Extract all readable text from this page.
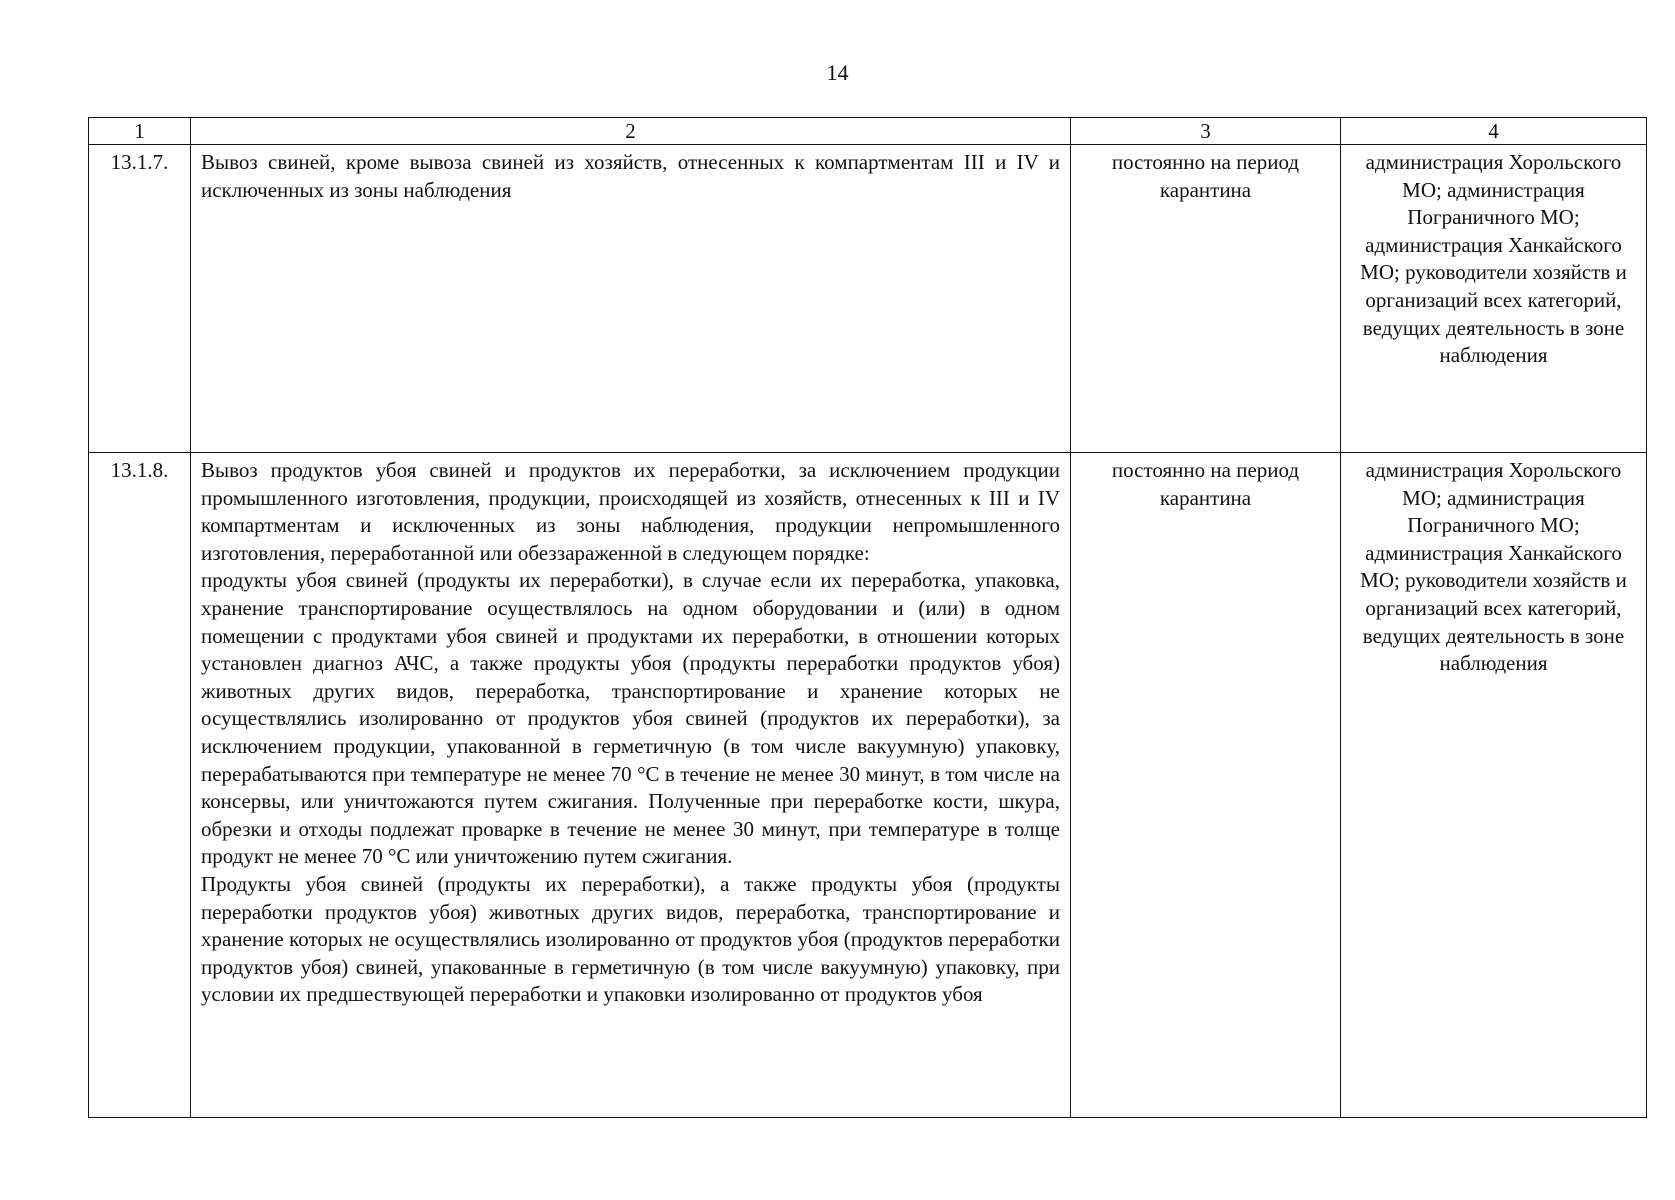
14
1	2	3	4
13.1.7.	Вывоз свиней, кроме вывоза свиней из хозяйств, отнесенных к компартментам III и IV и исключенных из зоны наблюдения	постоянно на период карантина	администрация Хорольского МО; администрация Пограничного МО; администрация Ханкайского МО; руководители хозяйств и организаций всех категорий, ведущих деятельность в зоне наблюдения
13.1.8.	Вывоз продуктов убоя свиней и продуктов их переработки, за исключением продукции промышленного изготовления, продукции, происходящей из хозяйств, отнесенных к III и IV компартментам и исключенных из зоны наблюдения, продукции непромышленного изготовления, переработанной или обеззараженной в следующем порядке:

продукты убоя свиней (продукты их переработки), в случае если их переработка, упаковка, хранение транспортирование осуществлялось на одном оборудовании и (или) в одном помещении с продуктами убоя свиней и продуктами их переработки, в отношении которых установлен диагноз АЧС, а также продукты убоя (продукты переработки продуктов убоя) животных других видов, переработка, транспортирование и хранение которых не осуществлялись изолированно от продуктов убоя свиней (продуктов их переработки), за исключением продукции, упакованной в герметичную (в том числе вакуумную) упаковку, перерабатываются при температуре не менее 70 °С в течение не менее 30 минут, в том числе на консервы, или уничтожаются путем сжигания. Полученные при переработке кости, шкура, обрезки и отходы подлежат проварке в течение не менее 30 минут, при температуре в толще продукт не менее 70 °С или уничтожению путем сжигания.

Продукты убоя свиней (продукты их переработки), а также продукты убоя (продукты переработки продуктов убоя) животных других видов, переработка, транспортирование и хранение которых не осуществлялись изолированно от продуктов убоя (продуктов переработки продуктов убоя) свиней, упакованные в герметичную (в том числе вакуумную) упаковку, при условии их предшествующей переработки и упаковки изолированно от продуктов убоя	постоянно на период карантина	администрация Хорольского МО; администрация Пограничного МО; администрация Ханкайского МО; руководители хозяйств и организаций всех категорий, ведущих деятельность в зоне наблюдения
